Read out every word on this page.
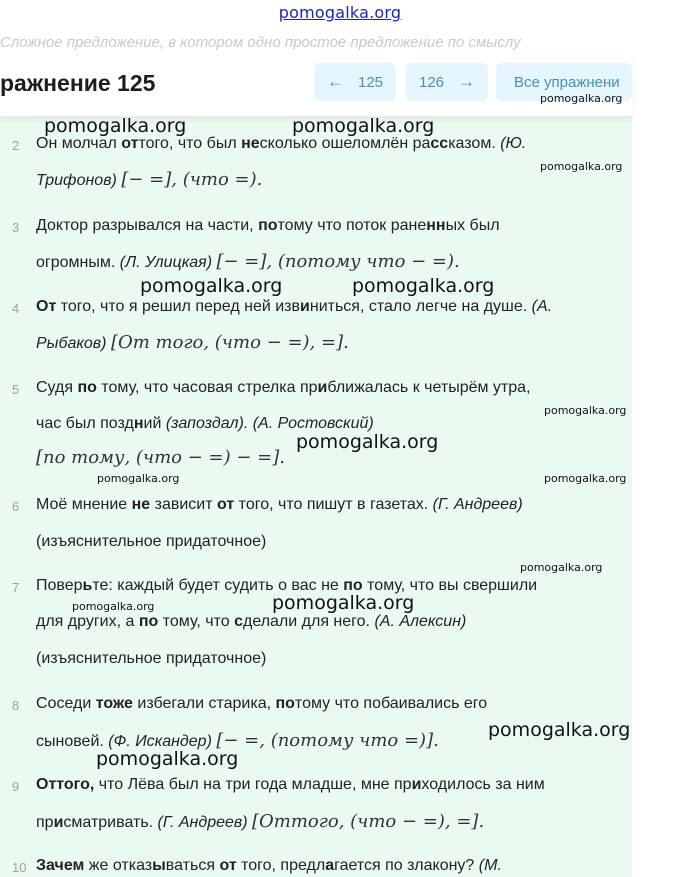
pomogalka.org
Сложное предложение, в котором одно простое предложение по смыслу
ражнение 125	← 125 126 →	Все упражнени
2 Он молчал оттого, что был несколько ошеломлён рассказом. (Ю.
Трифонов) [− =], (что =).
3 Доктор разрывался на части, потому что поток раненных был
огромным. (Л. Улицкая) [− =], (потому что − =).
4 От того, что я решил перед ней извиниться, стало легче на душе. (А.
Рыбаков) [От того, (что − =), =].
5 Судя по тому, что часовая стрелка приближалась к четырём утра,
час был поздний (запоздал). (А. Ростовский)
[по тому, (что − =) − =].
6 Моё мнение не зависит от того, что пишут в газетах. (Г. Андреев)
(изъяснительное придаточное)
7 Поверьте: каждый будет судить о вас не по тому, что вы свершили
для других, а по тому, что сделали для него. (А. Алексин)
(изъяснительное придаточное)
8 Соседи тоже избегали старика, потому что побаивались его
сыновей. (Ф. Искандер) [− =, (потому что =)].
9 Оттого, что Лёва был на три года младше, мне приходилось за ним
присматривать. (Г. Андреев) [Оттого, (что − =), =].
10 Зачем же отказываться от того, предлагается по злакону? (М.
pomogalka.org
pomogalka.org	pomogalka.org
pomogalka.org
pomogalka.org	pomogalka.org
pomogalka.org
pomogalka.org
pomogalka.org
pomogalka.org
pomogalka.org
pomogalka.org
pomogalka.org
pomogalka.org
pomogalka.org
